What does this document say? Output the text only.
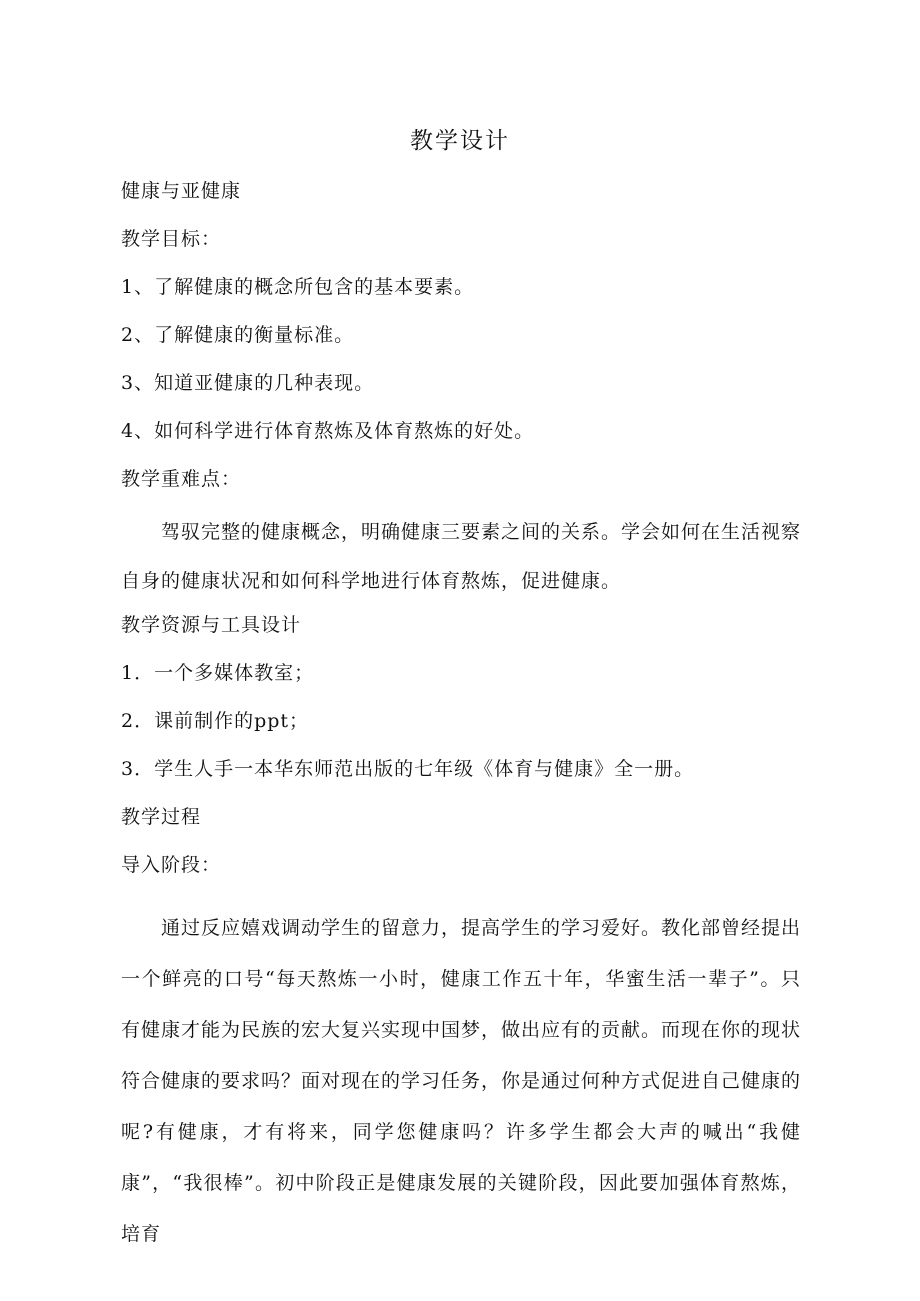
教学设计
健康与亚健康
教学目标：
1、了解健康的概念所包含的基本要素。
2、了解健康的衡量标准。
3、知道亚健康的几种表现。
4、如何科学进行体育熬炼及体育熬炼的好处。
教学重难点：
驾驭完整的健康概念，明确健康三要素之间的关系。学会如何在生活视察自身的健康状况和如何科学地进行体育熬炼，促进健康。
教学资源与工具设计
1．一个多媒体教室；
2．课前制作的ppt；
3．学生人手一本华东师范出版的七年级《体育与健康》全一册。
教学过程
导入阶段：
通过反应嬉戏调动学生的留意力，提高学生的学习爱好。教化部曾经提出一个鲜亮的口号“每天熬炼一小时，健康工作五十年，华蜜生活一辈子”。只有健康才能为民族的宏大复兴实现中国梦，做出应有的贡献。而现在你的现状符合健康的要求吗？面对现在的学习任务，你是通过何种方式促进自己健康的呢?有健康，才有将来，同学您健康吗？许多学生都会大声的喊出“我健康”，“我很棒”。初中阶段正是健康发展的关键阶段，因此要加强体育熬炼，培育
